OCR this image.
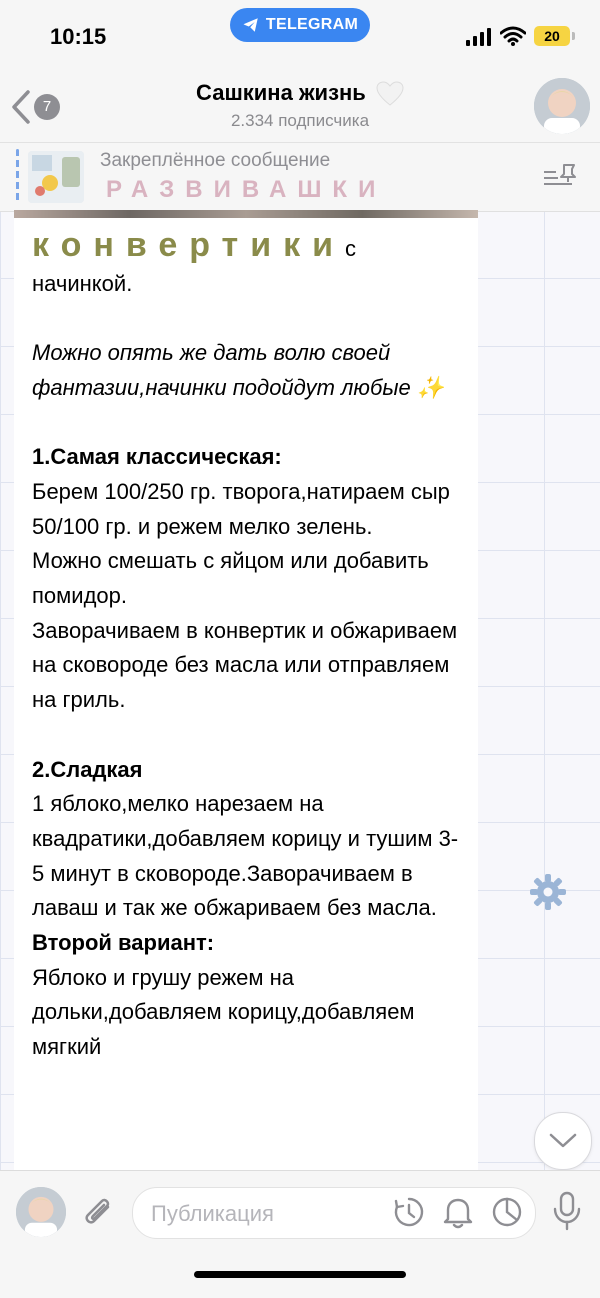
10:15	TELEGRAM
20
7
Сашкина жизнь
2.334 подписчика
Закреплённое сообщение
РАЗВИВАШКИ

конвертикис

начинкой.

Можно опять же дать волю своей фантазии,начинки подойдут любые ✨

1.Самая классическая:

Берем 100/250 гр. творога,натираем сыр 50/100 гр. и режем мелко зелень.

Можно смешать с яйцом или добавить помидор.

Заворачиваем в конвертик и обжариваем на сковороде без масла или отправляем на гриль.

2.Сладкая

1 яблоко,мелко нарезаем на квадратики,добавляем корицу и тушим 3-5 минут в сковороде.Заворачиваем в лаваш и так же обжариваем без масла.

Второй вариант:

Яблоко и грушу режем на дольки,добавляем корицу,добавляем мягкий

Публикация
